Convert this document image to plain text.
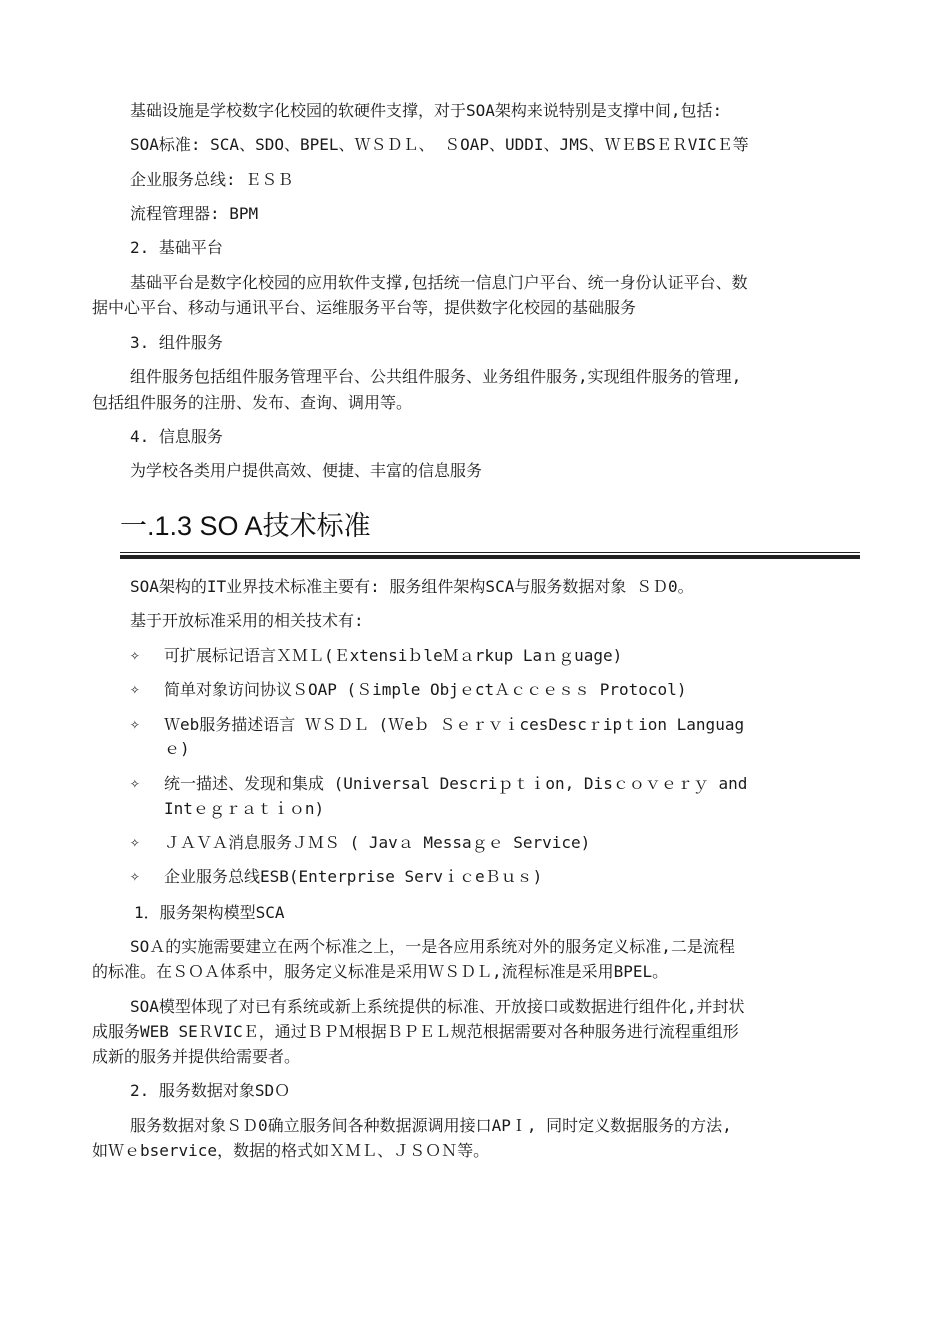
基础设施是学校数字化校园的软硬件支撑，对于SOA架构来说特别是支撑中间,包括:
SOA标准: SCA、SDO、BPEL、ＷＳＤＬ、 ＳOAP、UDDI、JMS、ＷＥBSＥＲVICＥ等
企业服务总线: ＥＳＢ
流程管理器: BPM
2. 基础平台
基础平台是数字化校园的应用软件支撑,包括统一信息门户平台、统一身份认证平台、数
据中心平台、移动与通讯平台、运维服务平台等，提供数字化校园的基础服务
3. 组件服务
组件服务包括组件服务管理平台、公共组件服务、业务组件服务,实现组件服务的管理,
包括组件服务的注册、发布、查询、调用等。
4. 信息服务
为学校各类用户提供高效、便捷、丰富的信息服务
一.1.3 SO A技术标准
SOA架构的IT业界技术标准主要有: 服务组件架构SCA与服务数据对象 ＳＤ0。
基于开放标准采用的相关技术有:
✧	可扩展标记语言ＸＭＬ(ＥxtensiｂleＭａrkup Laｎｇuage)
✧	简单对象访问协议ＳOAP (Ｓimple ObjｅctＡｃｃｅｓｓ Protocol)
✧	Ｗeb服务描述语言 ＷＳＤＬ (Ｗeｂ ＳｅｒｖｉcesDescｒipｔion Languag
ｅ)
✧	统一描述、发现和集成 (Universal Descriｐｔｉon, Disｃｏｖｅｒｙ and
Intｅｇｒａｔｉｏn)
✧	ＪＡＶＡ消息服务ＪＭＳ ( Javａ Messaｇｅ Service)
✧	企业服务总线ESB(Enterprise ServｉｃeＢｕｓ)
1．服务架构模型SCA
SOＡ的实施需要建立在两个标准之上，一是各应用系统对外的服务定义标准,二是流程
的标准。在ＳＯＡ体系中，服务定义标准是采用ＷＳＤＬ,流程标准是采用BPEL。
SOA模型体现了对已有系统或新上系统提供的标准、开放接口或数据进行组件化,并封状
成服务WEB SEＲVICＥ，通过ＢＰＭ根据ＢＰＥＬ规范根据需要对各种服务进行流程重组形
成新的服务并提供给需要者。
2. 服务数据对象SDＯ
服务数据对象ＳＤ0确立服务间各种数据源调用接口APＩ, 同时定义数据服务的方法,
如Ｗｅbservice，数据的格式如ＸＭＬ、ＪＳＯＮ等。
